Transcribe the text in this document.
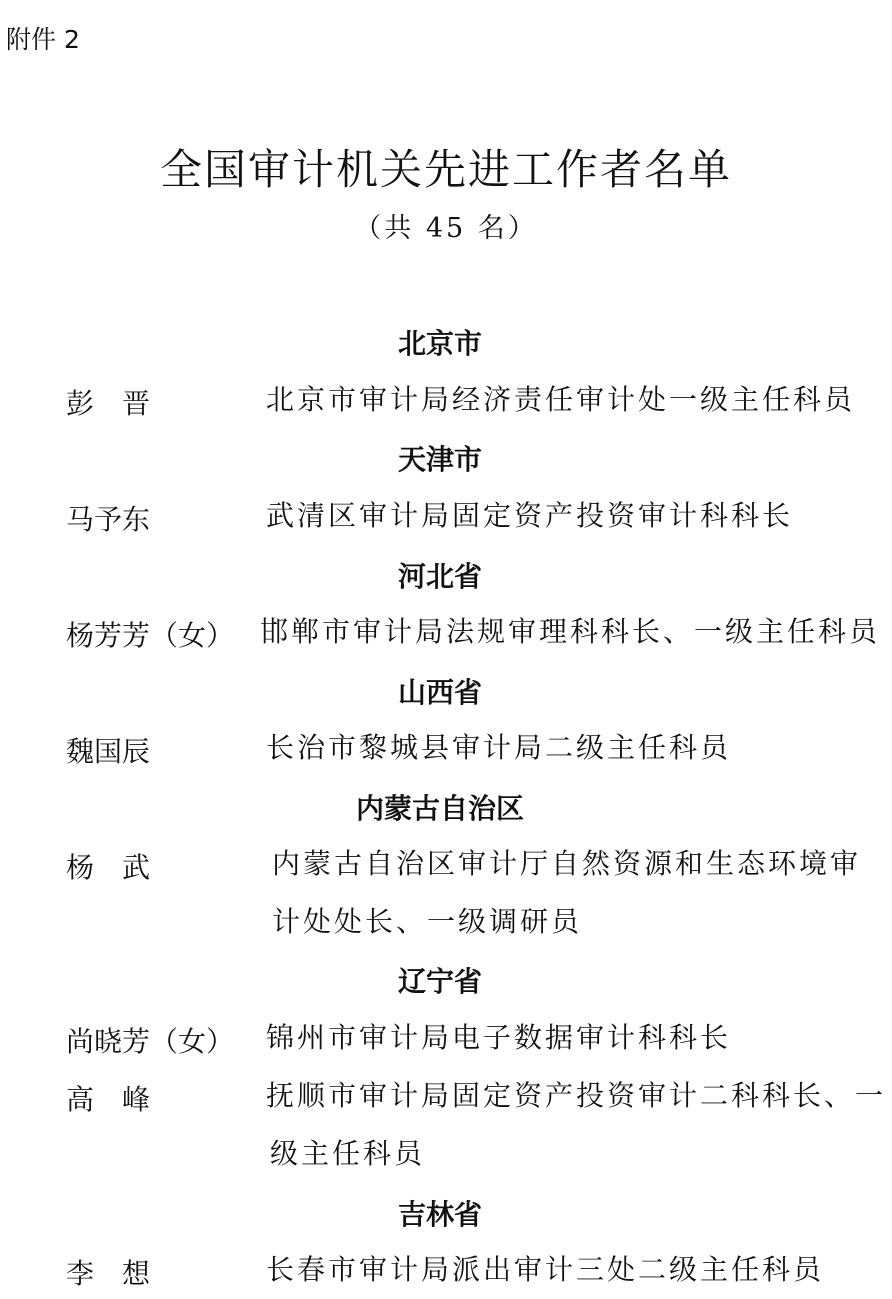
附件 2

全国审计机关先进工作者名单

（共 45 名）

北京市
彭　晋	北京市审计局经济责任审计处一级主任科员
天津市
马予东	武清区审计局固定资产投资审计科科长
河北省
杨芳芳（女） 邯郸市审计局法规审理科科长、一级主任科员
山西省
魏国辰	长治市黎城县审计局二级主任科员
内蒙古自治区
杨　武	内蒙古自治区审计厅自然资源和生态环境审
计处处长、一级调研员
辽宁省
尚晓芳（女） 锦州市审计局电子数据审计科科长
高　峰	抚顺市审计局固定资产投资审计二科科长、一
级主任科员
吉林省
李　想	长春市审计局派出审计三处二级主任科员
